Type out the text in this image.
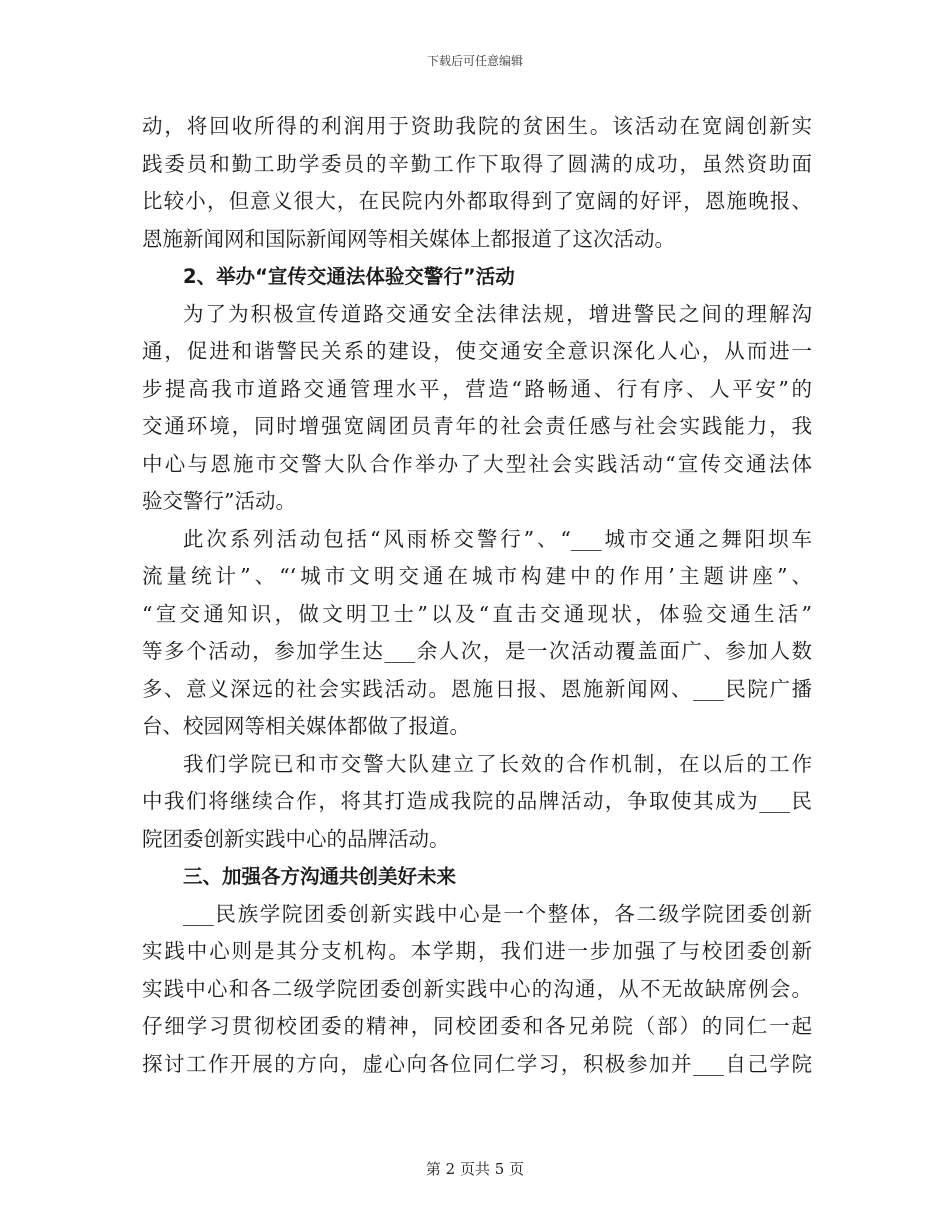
下载后可任意编辑
动，将回收所得的利润用于资助我院的贫困生。该活动在宽阔创新实
践委员和勤工助学委员的辛勤工作下取得了圆满的成功，虽然资助面
比较小，但意义很大，在民院内外都取得到了宽阔的好评，恩施晚报、
恩施新闻网和国际新闻网等相关媒体上都报道了这次活动。
2、举办“宣传交通法体验交警行”活动
为了为积极宣传道路交通安全法律法规，增进警民之间的理解沟
通，促进和谐警民关系的建设，使交通安全意识深化人心，从而进一
步提高我市道路交通管理水平，营造“路畅通、行有序、人平安”的
交通环境，同时增强宽阔团员青年的社会责任感与社会实践能力，我
中心与恩施市交警大队合作举办了大型社会实践活动“宣传交通法体
验交警行”活动。
此次系列活动包括“风雨桥交警行”、“___城市交通之舞阳坝车
流量统计”、“‘城市文明交通在城市构建中的作用’主题讲座”、
“宣交通知识，做文明卫士”以及“直击交通现状，体验交通生活”
等多个活动，参加学生达___余人次，是一次活动覆盖面广、参加人数
多、意义深远的社会实践活动。恩施日报、恩施新闻网、___民院广播
台、校园网等相关媒体都做了报道。
我们学院已和市交警大队建立了长效的合作机制，在以后的工作
中我们将继续合作，将其打造成我院的品牌活动，争取使其成为___民
院团委创新实践中心的品牌活动。
三、加强各方沟通共创美好未来
___民族学院团委创新实践中心是一个整体，各二级学院团委创新
实践中心则是其分支机构。本学期，我们进一步加强了与校团委创新
实践中心和各二级学院团委创新实践中心的沟通，从不无故缺席例会。
仔细学习贯彻校团委的精神，同校团委和各兄弟院（部）的同仁一起
探讨工作开展的方向，虚心向各位同仁学习，积极参加并___自己学院
第 2 页共 5 页
